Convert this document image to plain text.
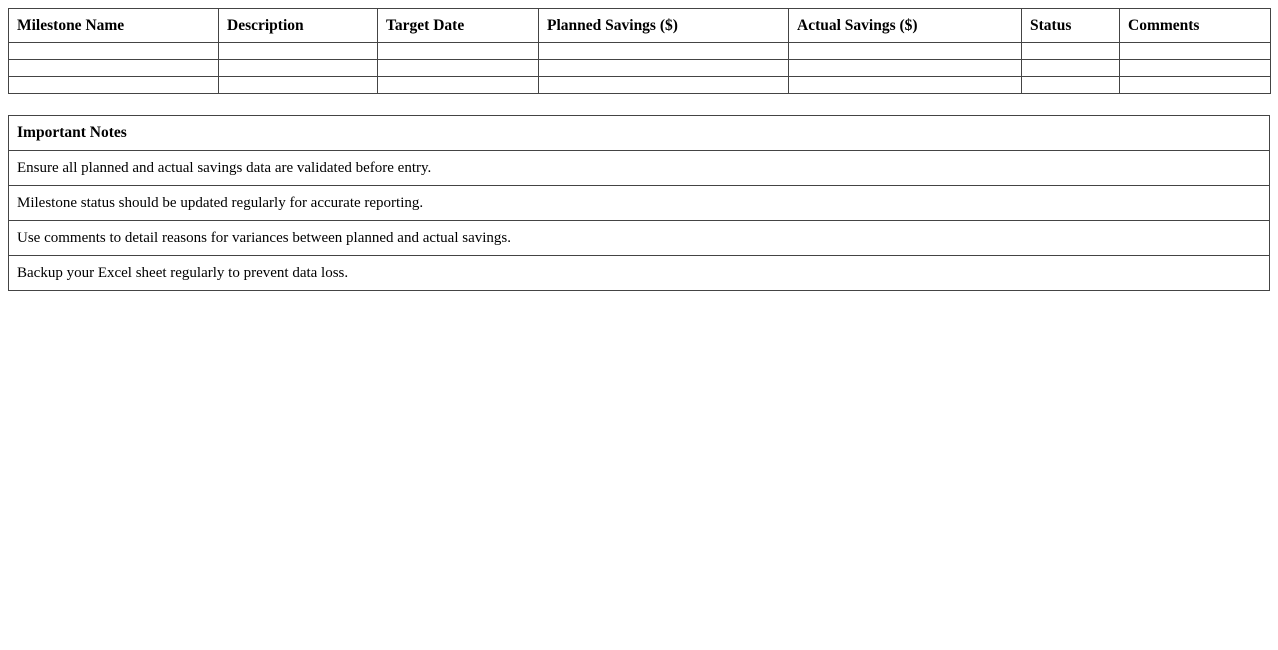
Milestone Name	Description	Target Date	Planned Savings ($)	Actual Savings ($)	Status	Comments

Important Notes
Ensure all planned and actual savings data are validated before entry.
Milestone status should be updated regularly for accurate reporting.
Use comments to detail reasons for variances between planned and actual savings.
Backup your Excel sheet regularly to prevent data loss.
